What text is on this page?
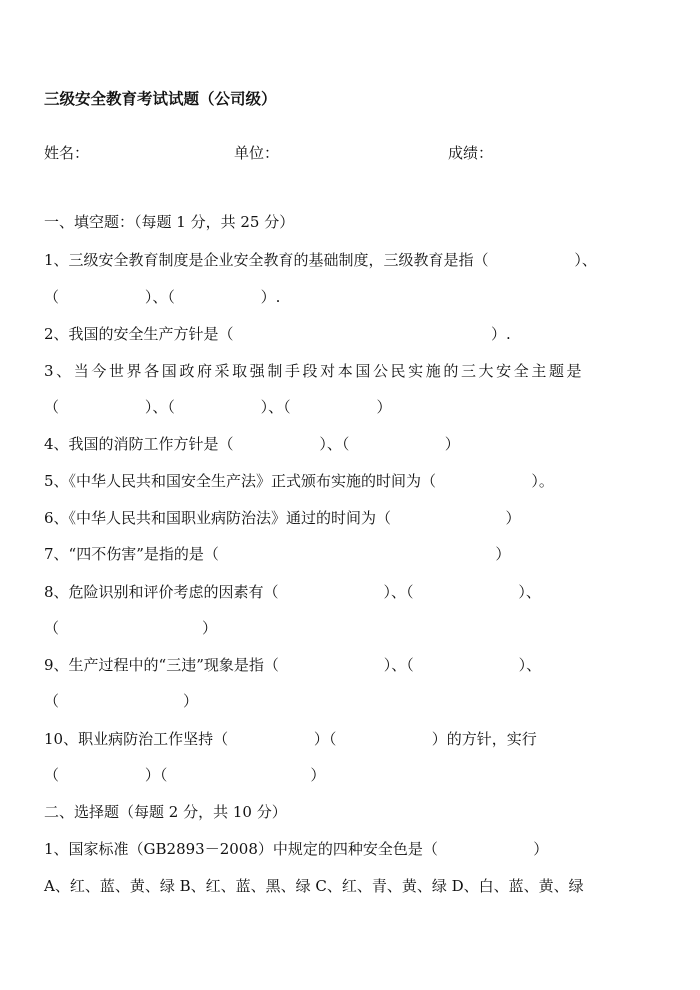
三级安全教育考试试题（公司级）
姓名：	单位：	成绩：
一、填空题：（每题 1 分，共 25 分）
1、三级安全教育制度是企业安全教育的基础制度，三级教育是指（                  ）、
（                  ）、（                  ）.
2、我国的安全生产方针是（                                                      ）.
3、当今世界各国政府采取强制手段对本国公民实施的三大安全主题是
（                  ）、（                  ）、（                  ）
4、我国的消防工作方针是（                  ）、（                    ）
5、《中华人民共和国安全生产法》正式颁布实施的时间为（                    ）。
6、《中华人民共和国职业病防治法》通过的时间为（                        ）
7、“四不伤害”是指的是（                                                          ）
8、危险识别和评价考虑的因素有（                      ）、（                      ）、
（                              ）
9、生产过程中的“三违”现象是指（                      ）、（                      ）、
（                          ）
10、职业病防治工作坚持（                  ）（                    ）的方针，实行
（                  ）（                              ）
二、选择题（每题 2 分，共 10 分）
1、国家标准（GB2893－2008）中规定的四种安全色是（                    ）
A、红、蓝、黄、绿 B、红、蓝、黑、绿 C、红、青、黄、绿 D、白、蓝、黄、绿
